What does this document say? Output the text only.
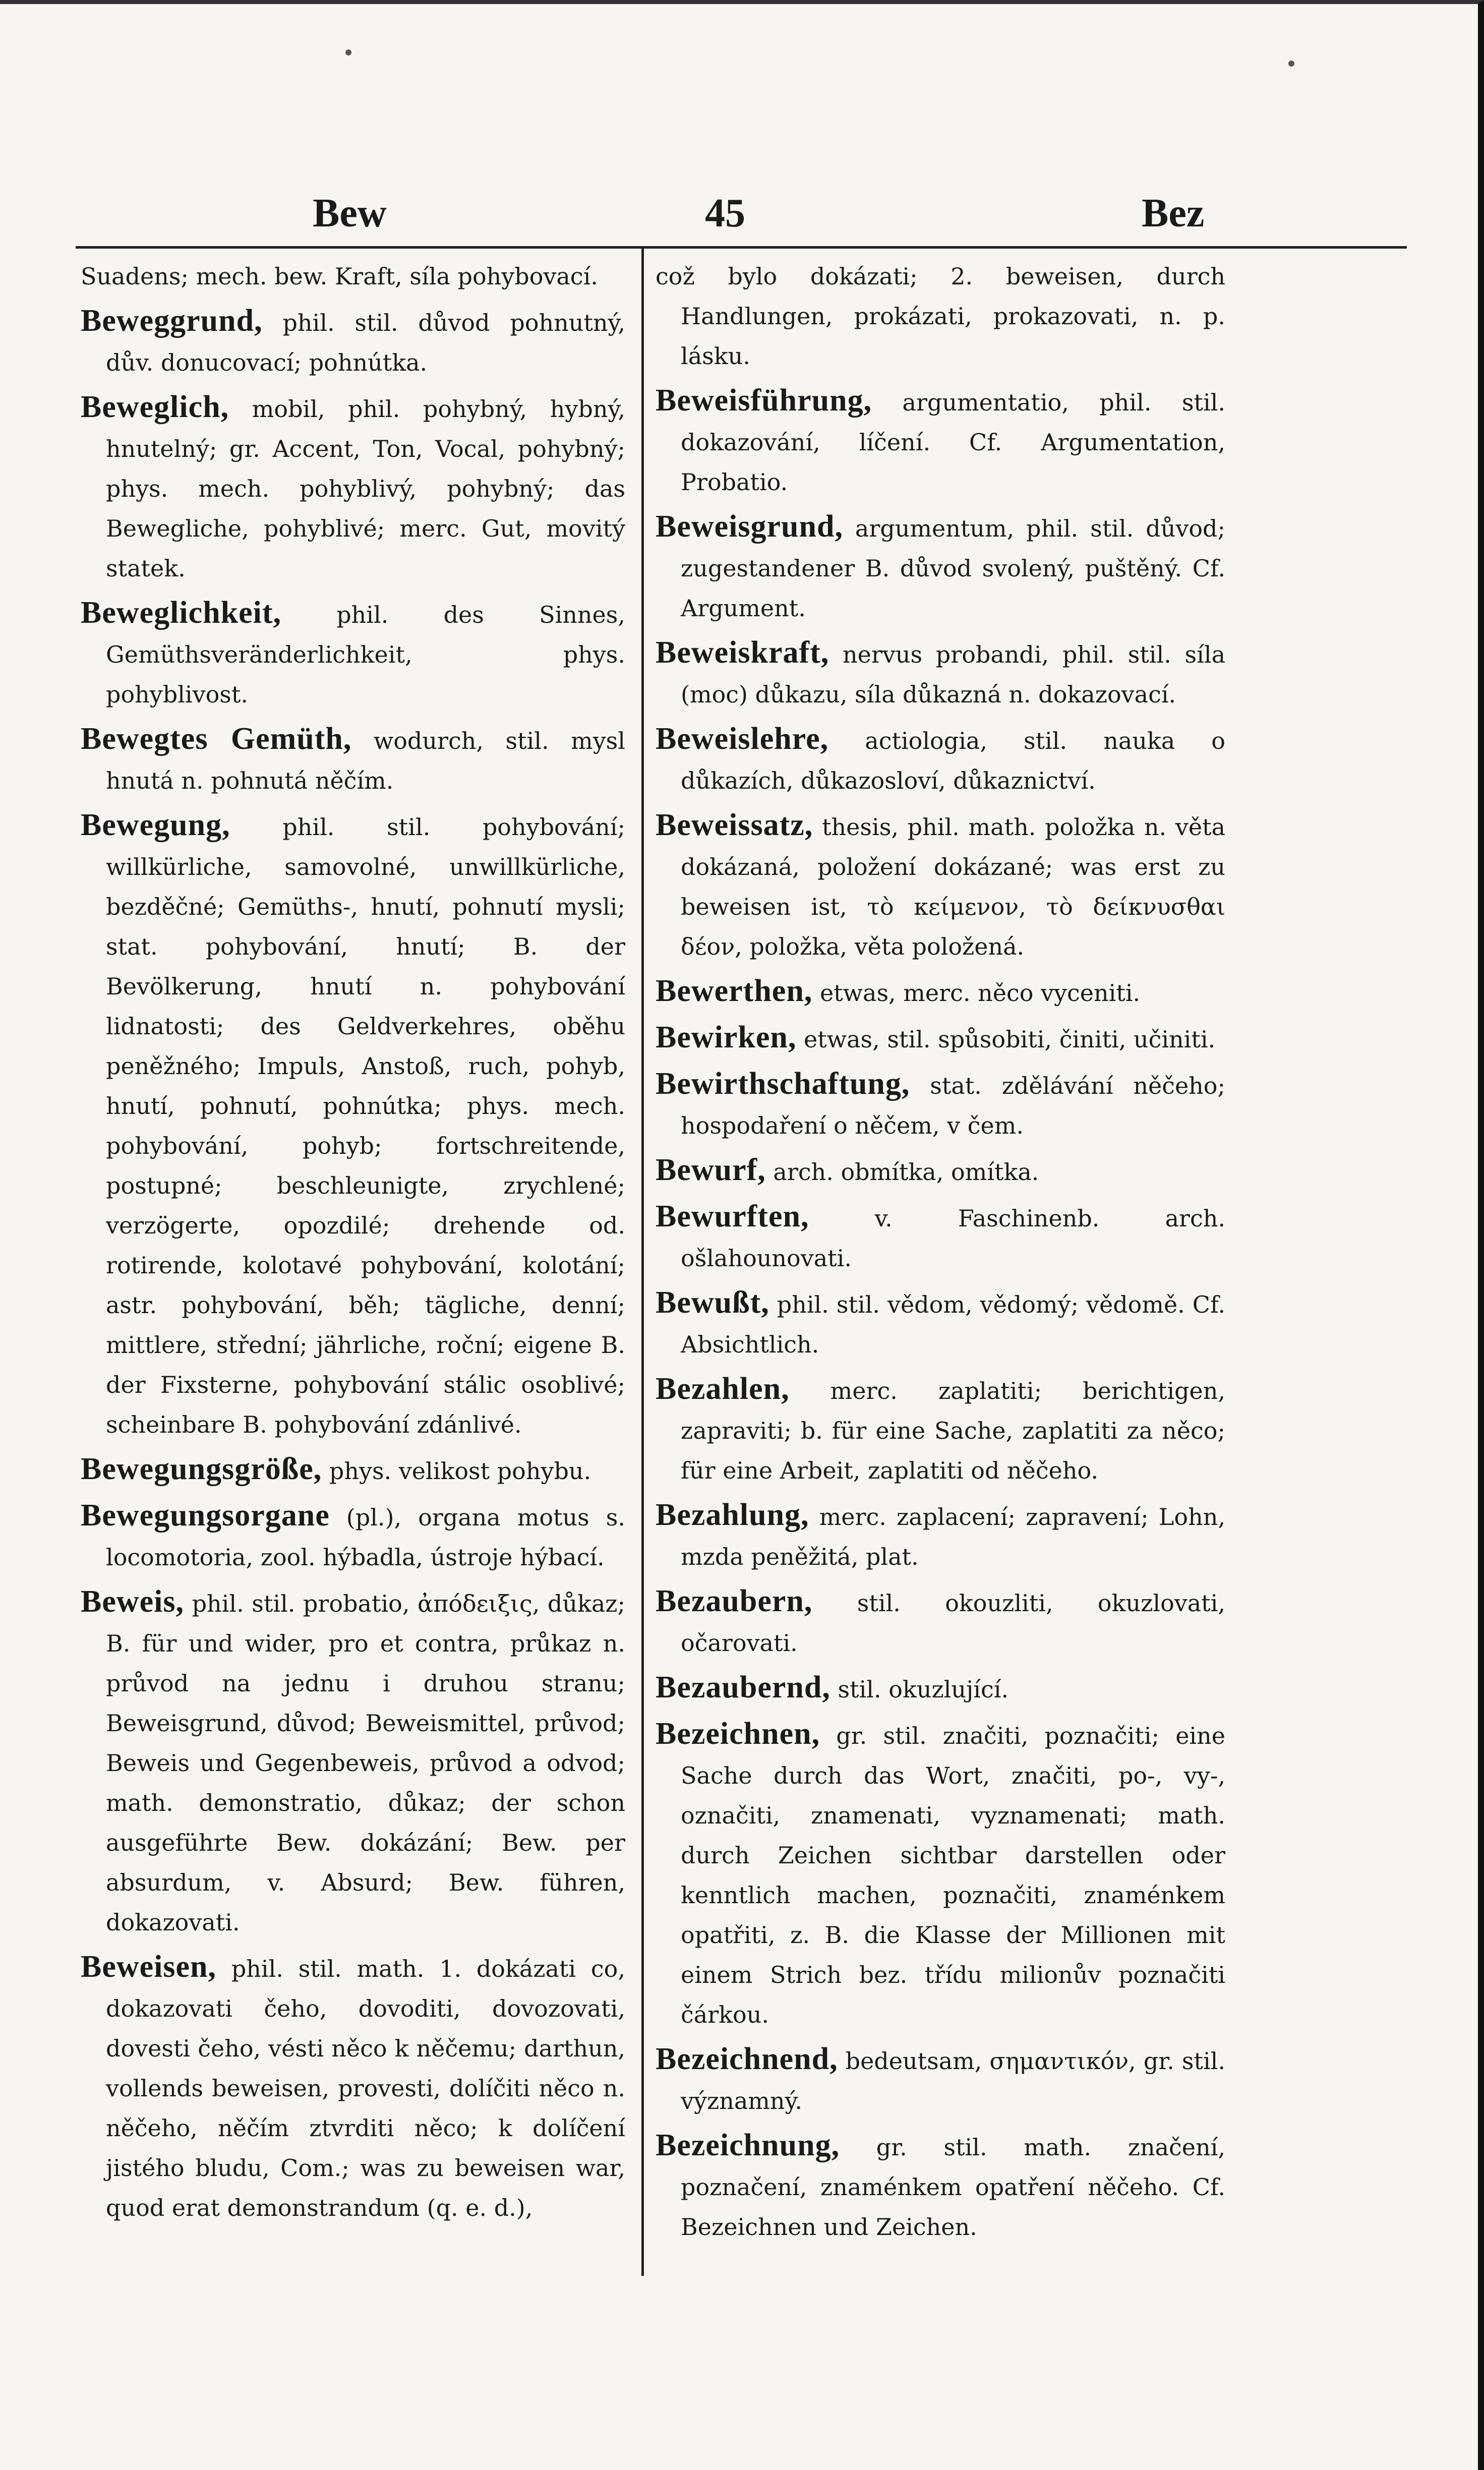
Bew	45	Bez

Suadens; mech. bew. Kraft, síla pohybovací.

Beweggrund, phil. stil. důvod pohnutný, dův. donucovací; pohnútka.

Beweglich, mobil, phil. pohybný, hybný, hnutelný; gr. Accent, Ton, Vocal, pohybný; phys. mech. pohyblivý, pohybný; das Bewegliche, pohyblivé; merc. Gut, movitý statek.

Beweglichkeit, phil. des Sinnes, Gemüthsveränderlichkeit, phys. pohyblivost.

Bewegtes Gemüth, wodurch, stil. mysl hnutá n. pohnutá něčím.

Bewegung, phil. stil. pohybování; willkürliche, samovolné, unwillkürliche, bezděčné; Gemüths-, hnutí, pohnutí mysli; stat. pohybování, hnutí; B. der Bevölkerung, hnutí n. pohybování lidnatosti; des Geldverkehres, oběhu peněžného; Impuls, Anstoß, ruch, pohyb, hnutí, pohnutí, pohnútka; phys. mech. pohybování, pohyb; fortschreitende, postupné; beschleunigte, zrychlené; verzögerte, opozdilé; drehende od. rotirende, kolotavé pohybování, kolotání; astr. pohybování, běh; tägliche, denní; mittlere, střední; jährliche, roční; eigene B. der Fixsterne, pohybování stálic osoblivé; scheinbare B. pohybování zdánlivé.

Bewegungsgröße, phys. velikost pohybu.

Bewegungsorgane (pl.), organa motus s. locomotoria, zool. hýbadla, ústroje hýbací.

Beweis, phil. stil. probatio, ἀπόδειξις, důkaz; B. für und wider, pro et contra, průkaz n. průvod na jednu i druhou stranu; Beweisgrund, důvod; Beweismittel, průvod; Beweis und Gegenbeweis, průvod a odvod; math. demonstratio, důkaz; der schon ausgeführte Bew. dokázání; Bew. per absurdum, v. Absurd; Bew. führen, dokazovati.

Beweisen, phil. stil. math. 1. dokázati co, dokazovati čeho, dovoditi, dovozovati, dovesti čeho, vésti něco k něčemu; darthun, vollends beweisen, provesti, dolíčiti něco n. něčeho, něčím ztvrditi něco; k dolíčení jistého bludu, Com.; was zu beweisen war, quod erat demonstrandum (q. e. d.),

což bylo dokázati; 2. beweisen, durch Handlungen, prokázati, prokazovati, n. p. lásku.

Beweisführung, argumentatio, phil. stil. dokazování, líčení. Cf. Argumentation, Probatio.

Beweisgrund, argumentum, phil. stil. důvod; zugestandener B. důvod svolený, puštěný. Cf. Argument.

Beweiskraft, nervus probandi, phil. stil. síla (moc) důkazu, síla důkazná n. dokazovací.

Beweislehre, actiologia, stil. nauka o důkazích, důkazosloví, důkaznictví.

Beweissatz, thesis, phil. math. položka n. věta dokázaná, položení dokázané; was erst zu beweisen ist, τὸ κείμενον, τὸ δείκνυσθαι δέον, položka, věta položená.

Bewerthen, etwas, merc. něco vyceniti.

Bewirken, etwas, stil. spůsobiti, činiti, učiniti.

Bewirthschaftung, stat. zdělávání něčeho; hospodaření o něčem, v čem.

Bewurf, arch. obmítka, omítka.

Bewurften,	v. Faschinenb. arch. ošlahounovati.

Bewußt, phil. stil. vědom, vědomý; vědomě. Cf. Absichtlich.

Bezahlen, merc. zaplatiti; berichtigen, zapraviti; b. für eine Sache, zaplatiti za něco; für eine Arbeit, zaplatiti od něčeho.

Bezahlung, merc. zaplacení; zapravení; Lohn, mzda peněžitá, plat.

Bezaubern, stil. okouzliti, okuzlovati, očarovati.

Bezaubernd, stil. okuzlující.

Bezeichnen, gr. stil. značiti, poznačiti; eine Sache durch das Wort, značiti, po-, vy-, označiti, znamenati, vyznamenati; math. durch Zeichen sichtbar darstellen oder kenntlich machen, poznačiti, znaménkem opatřiti, z. B. die Klasse der Millionen mit einem Strich bez. třídu milionův poznačiti čárkou.

Bezeichnend, bedeutsam, σημαντικόν, gr. stil. významný.

Bezeichnung, gr. stil. math. značení, poznačení, znaménkem opatření něčeho. Cf. Bezeichnen und Zeichen.
